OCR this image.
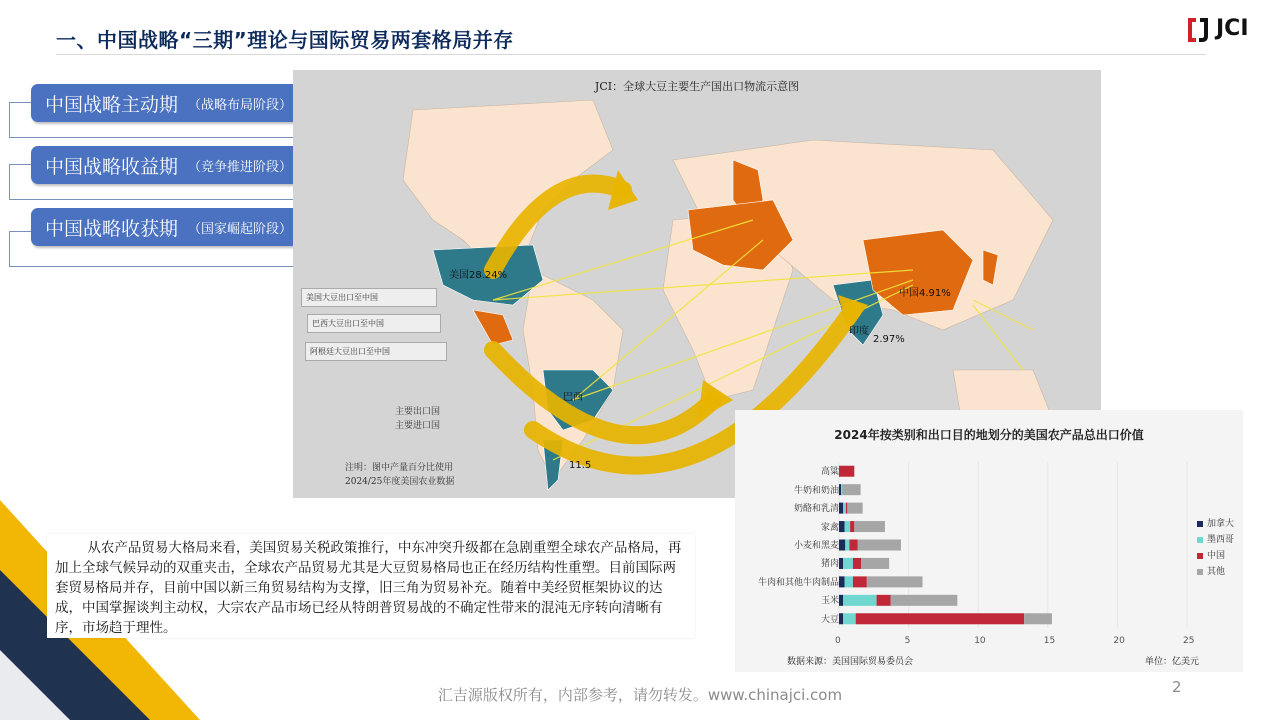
一、中国战略“三期”理论与国际贸易两套格局并存	JCI
中国战略主动期 （战略布局阶段）
中国战略收益期 （竞争推进阶段）
中国战略收获期 （国家崛起阶段）
JCI：全球大豆主要生产国出口物流示意图
美国大豆出口至中国
巴西大豆出口至中国
阿根廷大豆出口至中国
主要出口国
主要进口国
注明：图中产量百分比使用
2024/25年度美国农业数据
美国28.24%
中国4.91%
印度
2.97%
巴西
11.5
2024年按类别和出口目的地划分的美国农产品总出口价值
高粱
牛奶和奶油
奶酪和乳清
家禽
小麦和黑麦
猪肉
牛肉和其他牛肉制品
玉米
大豆
0	5	10	15	20	25
加拿大
墨西哥
中国
其他
数据来源：美国国际贸易委员会	单位：亿美元
从农产品贸易大格局来看，美国贸易关税政策推行，中东冲突升级都在急剧重塑全球农产品格局，再加上全球气候异动的双重夹击，全球农产品贸易尤其是大豆贸易格局也正在经历结构性重塑。目前国际两套贸易格局并存，目前中国以新三角贸易结构为支撑，旧三角为贸易补充。随着中美经贸框架协议的达成，中国掌握谈判主动权，大宗农产品市场已经从特朗普贸易战的不确定性带来的混沌无序转向清晰有序，市场趋于理性。
汇吉源版权所有，内部参考，请勿转发。www.chinajci.com	2
